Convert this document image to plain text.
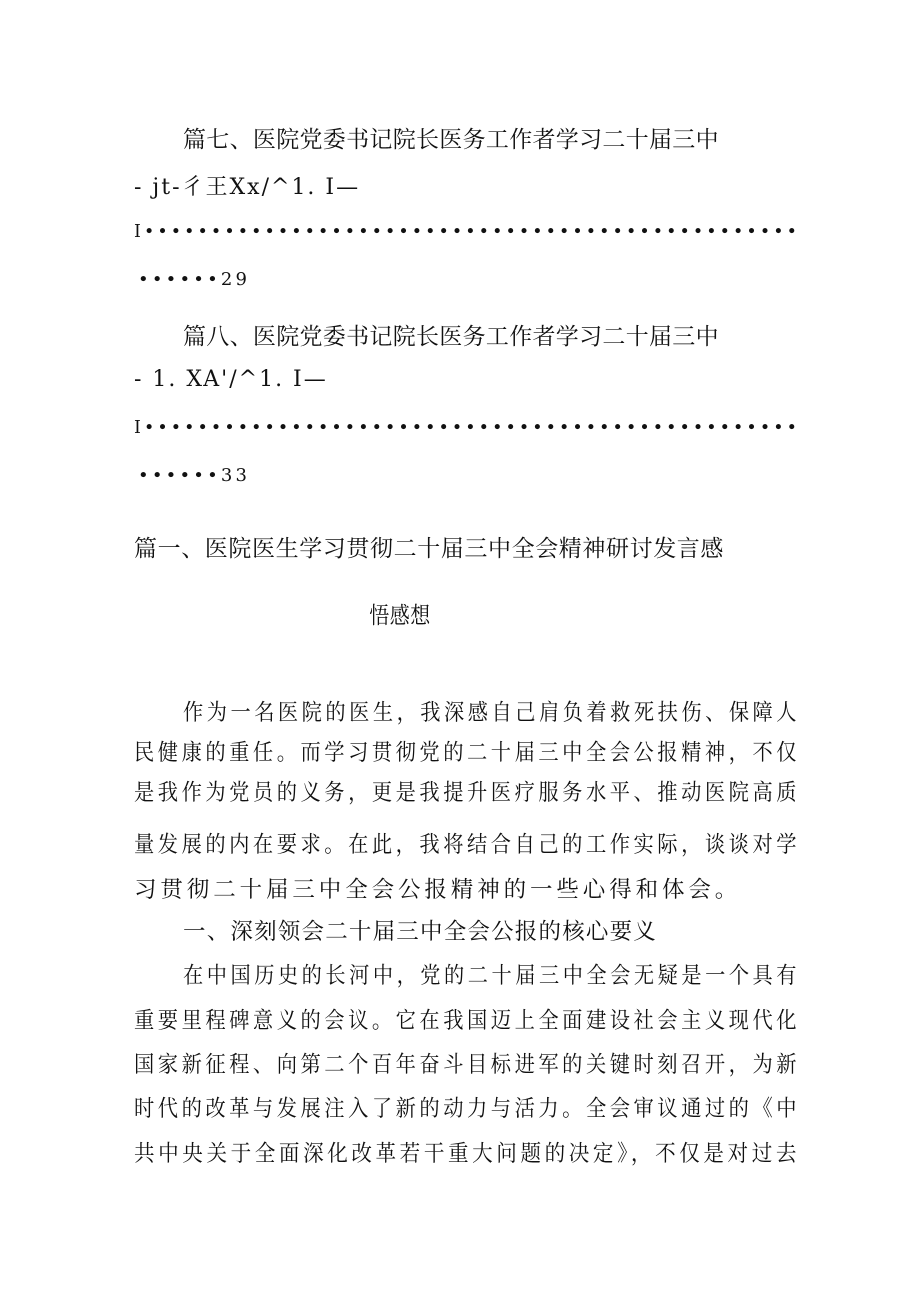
篇七、医院党委书记院长医务工作者学习二十届三中
- jt-彳王Xx/^1. I—
I•••••••••••••••••••••••••••••••••••••••••••••••••
••••••29
篇八、医院党委书记院长医务工作者学习二十届三中
- 1. XA'/^1. I—
I•••••••••••••••••••••••••••••••••••••••••••••••••
••••••33
篇一、医院医生学习贯彻二十届三中全会精神研讨发言感
悟感想
作为一名医院的医生，我深感自己肩负着救死扶伤、保障人
民健康的重任。而学习贯彻党的二十届三中全会公报精神，不仅
是我作为党员的义务，更是我提升医疗服务水平、推动医院高质
量发展的内在要求。在此，我将结合自己的工作实际，谈谈对学
习贯彻二十届三中全会公报精神的一些心得和体会。
一、深刻领会二十届三中全会公报的核心要义
在中国历史的长河中，党的二十届三中全会无疑是一个具有
重要里程碑意义的会议。它在我国迈上全面建设社会主义现代化
国家新征程、向第二个百年奋斗目标进军的关键时刻召开，为新
时代的改革与发展注入了新的动力与活力。全会审议通过的《中
共中央关于全面深化改革若干重大问题的决定》，不仅是对过去
